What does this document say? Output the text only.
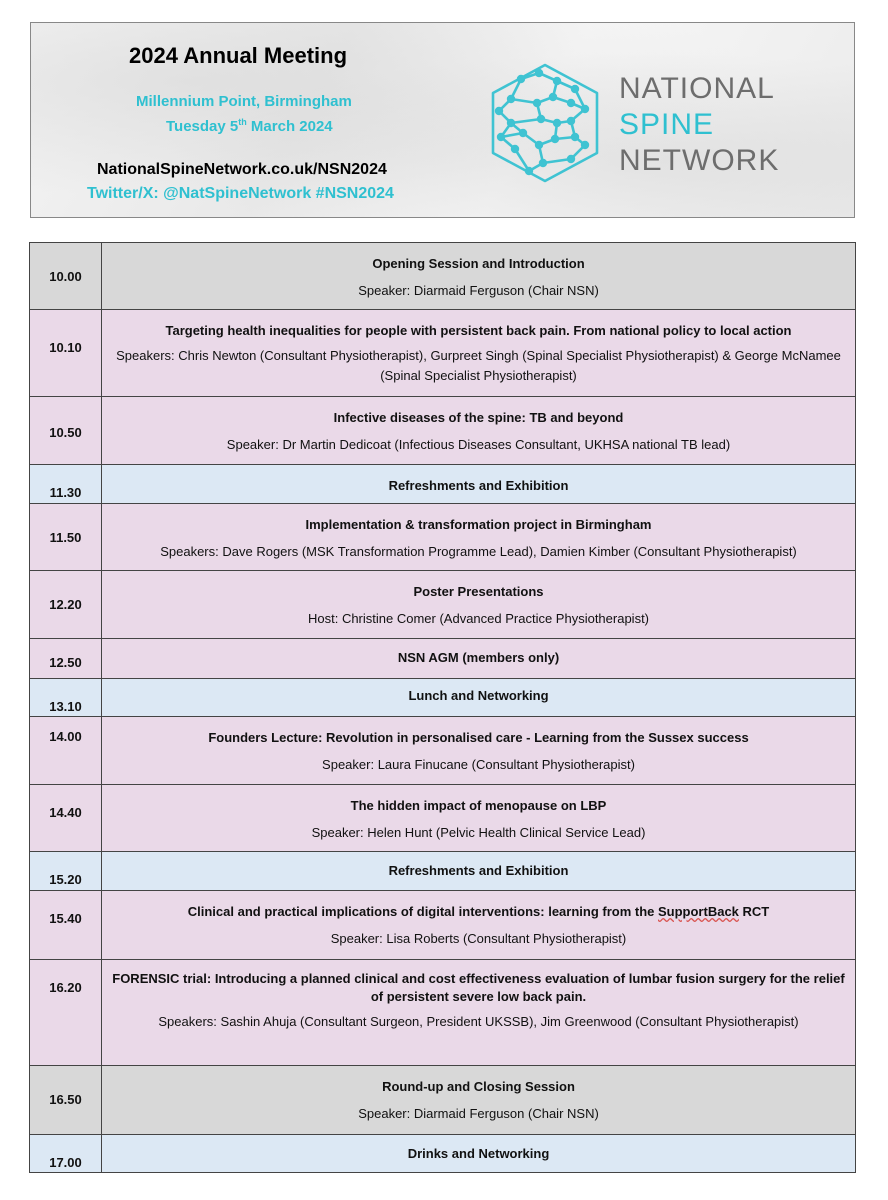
2024 Annual Meeting
Millennium Point, Birmingham
Tuesday 5th March 2024
NationalSpineNetwork.co.uk/NSN2024
Twitter/X: @NatSpineNetwork #NSN2024
NATIONAL
SPINE
NETWORK
10.00	Opening Session and Introduction
Speaker: Diarmaid Ferguson (Chair NSN)

10.10	Targeting health inequalities for people with persistent back pain. From national policy to local action
Speakers: Chris Newton (Consultant Physiotherapist), Gurpreet Singh (Spinal Specialist Physiotherapist) & George McNamee (Spinal Specialist Physiotherapist)

10.50	Infective diseases of the spine: TB and beyond
Speaker: Dr Martin Dedicoat (Infectious Diseases Consultant, UKHSA national TB lead)

11.30	Refreshments and Exhibition

11.50	Implementation & transformation project in Birmingham
Speakers: Dave Rogers (MSK Transformation Programme Lead), Damien Kimber (Consultant Physiotherapist)

12.20	Poster Presentations
Host: Christine Comer (Advanced Practice Physiotherapist)

12.50	NSN AGM (members only)

13.10	Lunch and Networking

14.00	Founders Lecture: Revolution in personalised care - Learning from the Sussex success
Speaker: Laura Finucane (Consultant Physiotherapist)

14.40	The hidden impact of menopause on LBP
Speaker: Helen Hunt (Pelvic Health Clinical Service Lead)

15.20	Refreshments and Exhibition

15.40	Clinical and practical implications of digital interventions: learning from the SupportBack RCT
Speaker: Lisa Roberts (Consultant Physiotherapist)

16.20	FORENSIC trial: Introducing a planned clinical and cost effectiveness evaluation of lumbar fusion surgery for the relief of persistent severe low back pain.
Speakers: Sashin Ahuja (Consultant Surgeon, President UKSSB), Jim Greenwood (Consultant Physiotherapist)

16.50	Round-up and Closing Session
Speaker: Diarmaid Ferguson (Chair NSN)

17.00	Drinks and Networking
